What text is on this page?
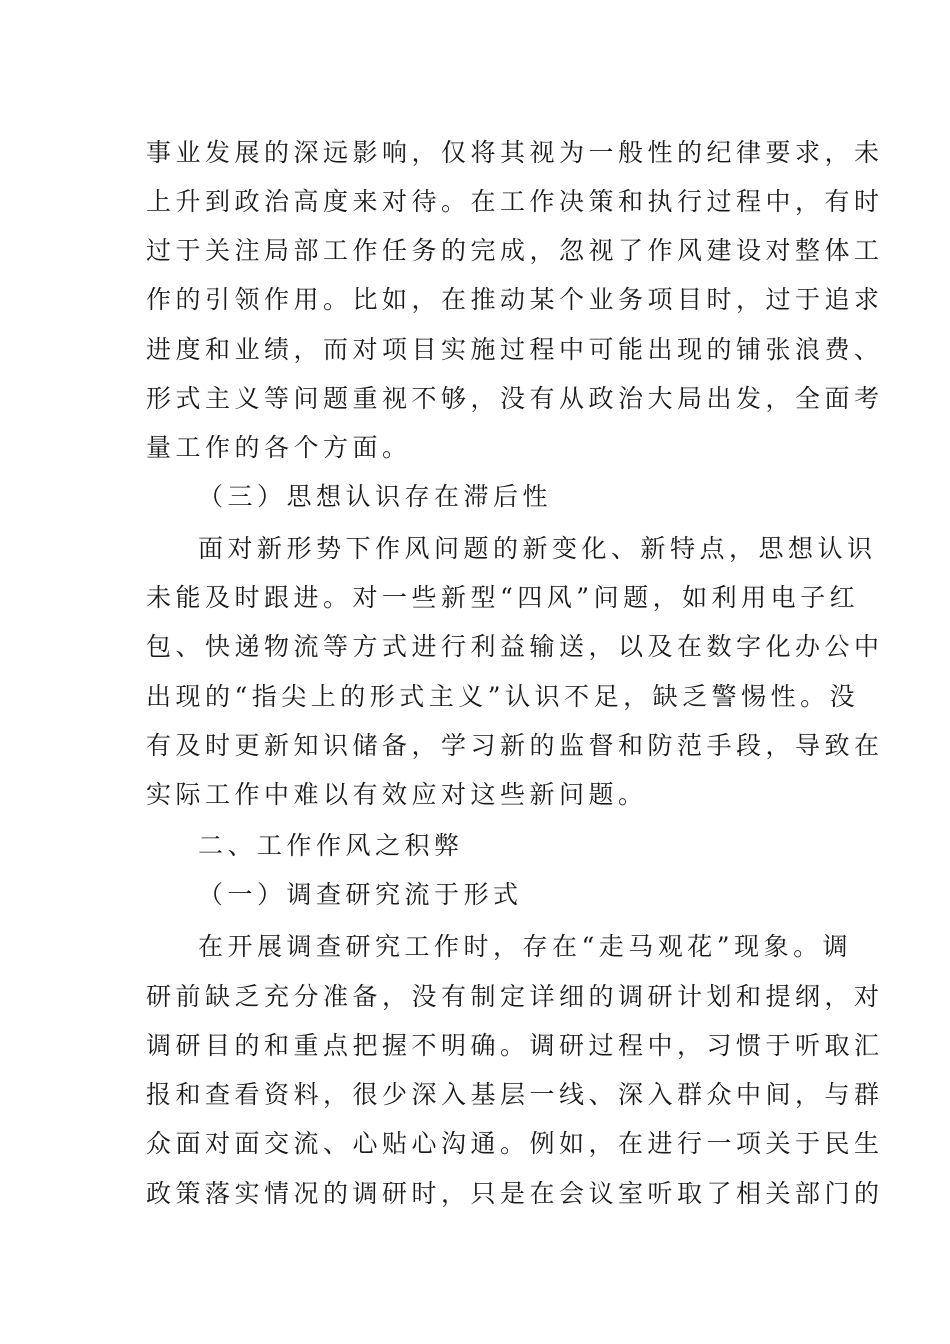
事业发展的深远影响，仅将其视为一般性的纪律要求，未
上升到政治高度来对待。在工作决策和执行过程中，有时
过于关注局部工作任务的完成，忽视了作风建设对整体工
作的引领作用。比如，在推动某个业务项目时，过于追求
进度和业绩，而对项目实施过程中可能出现的铺张浪费、
形式主义等问题重视不够，没有从政治大局出发，全面考
量工作的各个方面。
（三）思想认识存在滞后性
面对新形势下作风问题的新变化、新特点，思想认识
未能及时跟进。对一些新型“四风”问题，如利用电子红
包、快递物流等方式进行利益输送，以及在数字化办公中
出现的“指尖上的形式主义”认识不足，缺乏警惕性。没
有及时更新知识储备，学习新的监督和防范手段，导致在
实际工作中难以有效应对这些新问题。
二、工作作风之积弊
（一）调查研究流于形式
在开展调查研究工作时，存在“走马观花”现象。调
研前缺乏充分准备，没有制定详细的调研计划和提纲，对
调研目的和重点把握不明确。调研过程中，习惯于听取汇
报和查看资料，很少深入基层一线、深入群众中间，与群
众面对面交流、心贴心沟通。例如，在进行一项关于民生
政策落实情况的调研时，只是在会议室听取了相关部门的
